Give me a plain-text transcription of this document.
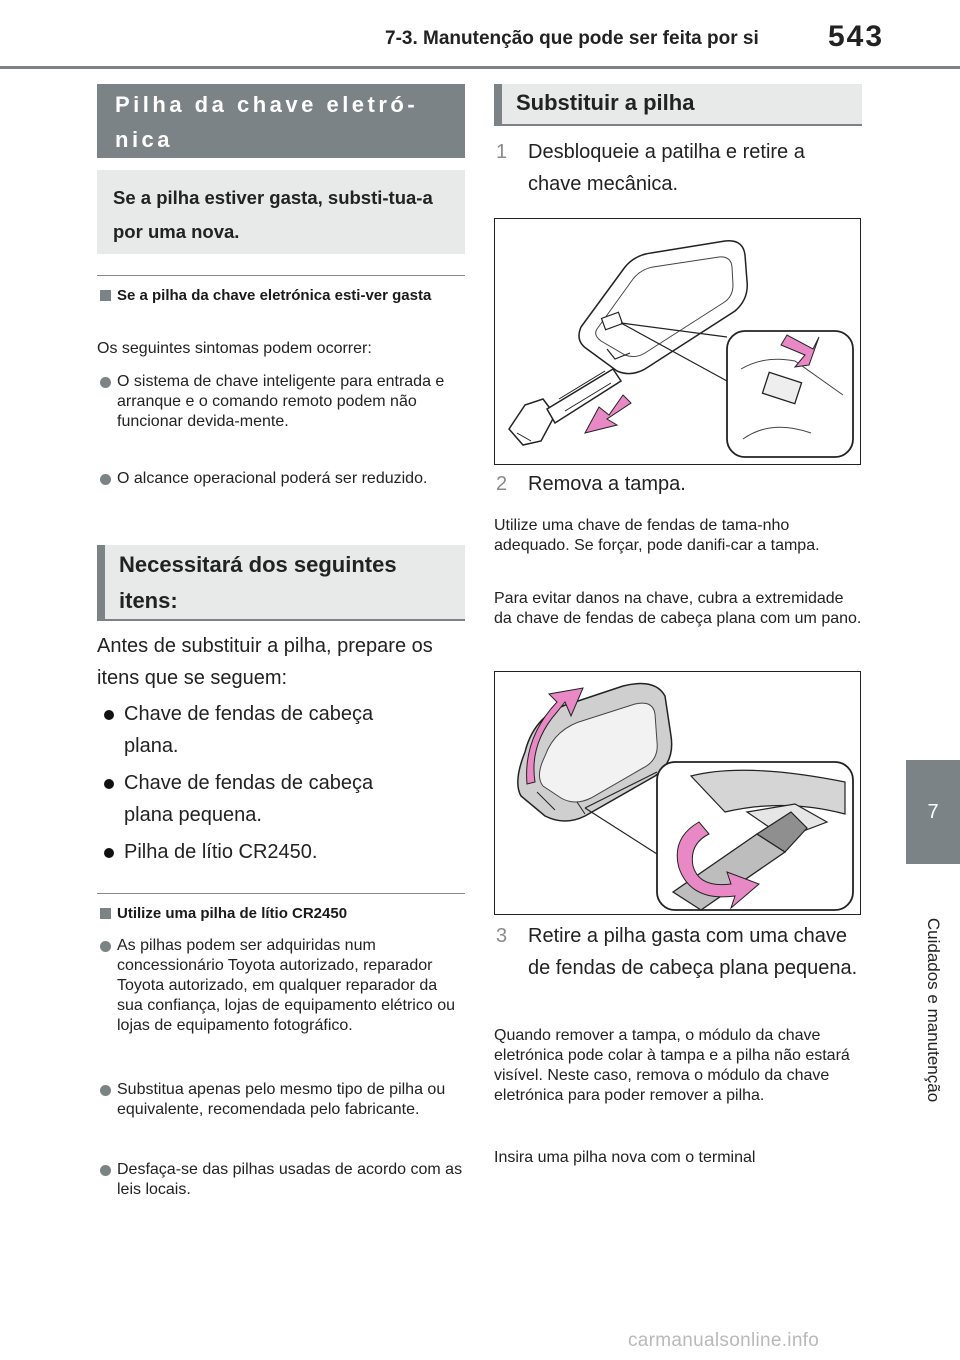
7-3. Manutenção que pode ser feita por si 543
7
Cuidados e manutenção
Pilha da chave eletró-nica
Se a pilha estiver gasta, substi-tua-a por uma nova.
Se a pilha da chave eletrónica esti-ver gasta
Os seguintes sintomas podem ocorrer:
O sistema de chave inteligente para entrada e arranque e o comando remoto podem não funcionar devida-mente.
O alcance operacional poderá ser reduzido.
Necessitará dos seguintes itens:
Antes de substituir a pilha, prepare os itens que se seguem:
Chave de fendas de cabeça plana.
Chave de fendas de cabeça plana pequena.
Pilha de lítio CR2450.
Utilize uma pilha de lítio CR2450
As pilhas podem ser adquiridas num concessionário Toyota autorizado, reparador Toyota autorizado, em qualquer reparador da sua confiança, lojas de equipamento elétrico ou lojas de equipamento fotográfico.
Substitua apenas pelo mesmo tipo de pilha ou equivalente, recomendada pelo fabricante.
Desfaça-se das pilhas usadas de acordo com as leis locais.
Substituir a pilha
1 Desbloqueie a patilha e retire a chave mecânica.
2 Remova a tampa.
Utilize uma chave de fendas de tama-nho adequado. Se forçar, pode danifi-car a tampa.
Para evitar danos na chave, cubra a extremidade da chave de fendas de cabeça plana com um pano.
3 Retire a pilha gasta com uma chave de fendas de cabeça plana pequena.
Quando remover a tampa, o módulo da chave eletrónica pode colar à tampa e a pilha não estará visível. Neste caso, remova o módulo da chave eletrónica para poder remover a pilha.
Insira uma pilha nova com o terminal
carmanualsonline.info
